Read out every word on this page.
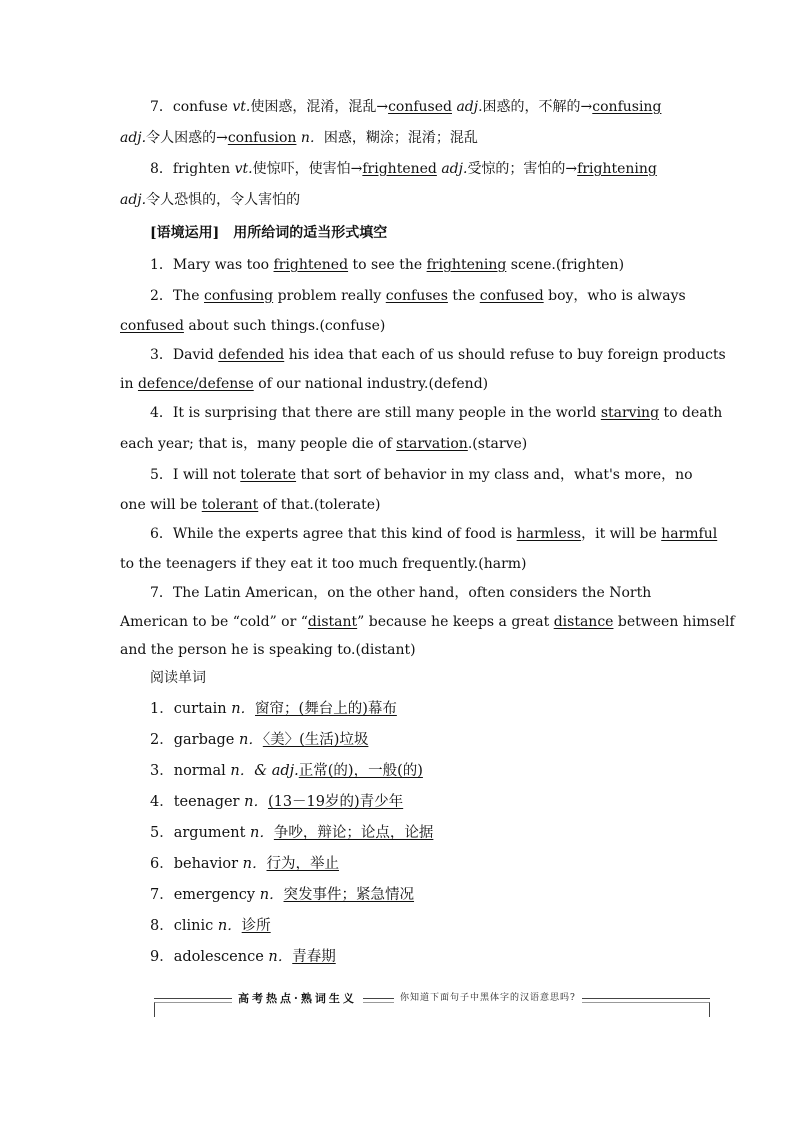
7．confuse vt.使困惑，混淆，混乱→confused adj.困惑的，不解的→confusing
adj.令人困惑的→confusion n．困惑，糊涂；混淆；混乱
8．frighten vt.使惊吓，使害怕→frightened adj.受惊的；害怕的→frightening
adj.令人恐惧的，令人害怕的
[语境运用]　用所给词的适当形式填空
1．Mary was too frightened to see the frightening scene.(frighten)
2．The confusing problem really confuses the confused boy，who is always
confused about such things.(confuse)
3．David defended his idea that each of us should refuse to buy foreign products
in defence/defense of our national industry.(defend)
4．It is surprising that there are still many people in the world starving to death
each year; that is，many people die of starvation.(starve)
5．I will not tolerate that sort of behavior in my class and，what's more，no
one will be tolerant of that.(tolerate)
6．While the experts agree that this kind of food is harmless，it will be harmful
to the teenagers if they eat it too much frequently.(harm)
7．The Latin American，on the other hand，often considers the North
American to be “cold” or “distant” because he keeps a great distance between himself
and the person he is speaking to.(distant)
阅读单词
1．curtain n．窗帘；(舞台上的)幕布
2．garbage n．〈美〉(生活)垃圾
3．normal n．& adj.正常(的)，一般(的)
4．teenager n．(13－19岁的)青少年
5．argument n．争吵，辩论；论点，论据
6．behavior n．行为，举止
7．emergency n．突发事件；紧急情况
8．clinic n．诊所
9．adolescence n．青春期
高考热点·熟词生义	你知道下面句子中黑体字的汉语意思吗?
